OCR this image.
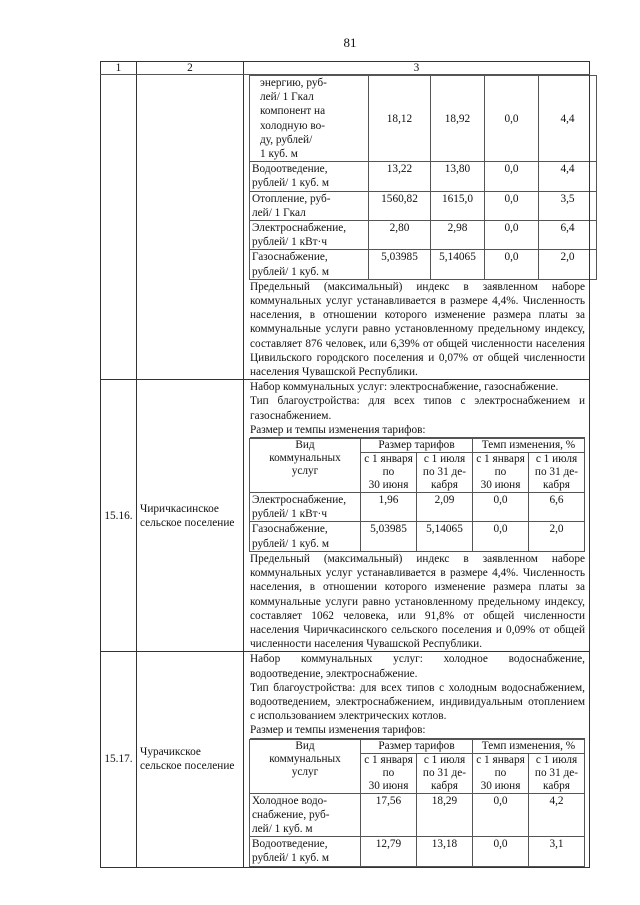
81
1	2	3

энергию, руб-
лей/ 1 Гкал
компонент на
холодную во-
ду, рублей/
1 куб. м	18,12	18,92	0,0	4,4
Водоотведение,
рублей/ 1 куб. м	13,22	13,80	0,0	4,4
Отопление, руб-
лей/ 1 Гкал	1560,82	1615,0	0,0	3,5
Электроснабжение,
рублей/ 1 кВт·ч	2,80	2,98	0,0	6,4
Газоснабжение,
рублей/ 1 куб. м	5,03985	5,14065	0,0	2,0
Предельный (максимальный) индекс в заявленном наборе коммунальных услуг устанавливается в размере 4,4%. Численность населения, в отношении которого изменение размера платы за коммунальные услуги равно установленному предельному индексу, составляет 876 человек, или 6,39% от общей численности населения Цивильского городского поселения и 0,07% от общей численности населения Чувашской Республики.

15.16.	Чиричкасинское сельское поселение	
Набор коммунальных услуг: электроснабжение, газоснабжение.
Тип благоустройства: для всех типов с электроснабжением и газоснабжением.
Размер и темпы изменения тарифов:
Вид
коммунальных
услуг	Размер тарифов	Темп изменения, %
с 1 января
по
30 июня	с 1 июля
по 31 де-
кабря	с 1 января
по
30 июня	с 1 июля
по 31 де-
кабря
Электроснабжение,
рублей/ 1 кВт·ч	1,96	2,09	0,0	6,6
Газоснабжение,
рублей/ 1 куб. м	5,03985	5,14065	0,0	2,0
Предельный (максимальный) индекс в заявленном наборе коммунальных услуг устанавливается в размере 4,4%. Численность населения, в отношении которого изменение размера платы за коммунальные услуги равно установленному предельному индексу, составляет 1062 человека, или 91,8% от общей численности населения Чиричкасинского сельского поселения и 0,09% от общей численности населения Чувашской Республики.

15.17.	Чурачикское сельское поселение	
Набор коммунальных услуг: холодное водоснабжение, водоотведение, электроснабжение.
Тип благоустройства: для всех типов с холодным водоснабжением, водоотведением, электроснабжением, индивидуальным отоплением с использованием электрических котлов.
Размер и темпы изменения тарифов:
Вид
коммунальных
услуг	Размер тарифов	Темп изменения, %
с 1 января
по
30 июня	с 1 июля
по 31 де-
кабря	с 1 января
по
30 июня	с 1 июля
по 31 де-
кабря
Холодное водо-
снабжение, руб-
лей/ 1 куб. м	17,56	18,29	0,0	4,2
Водоотведение,
рублей/ 1 куб. м	12,79	13,18	0,0	3,1
